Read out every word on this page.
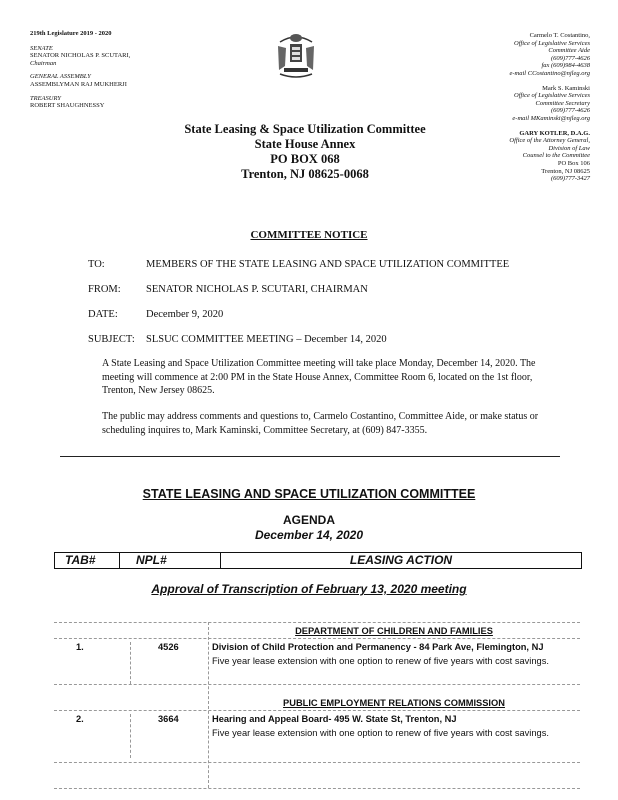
219th Legislature 2019 - 2020
SENATE
SENATOR NICHOLAS P. SCUTARI, Chairman
GENERAL ASSEMBLY
ASSEMBLYMAN RAJ MUKHERJI
TREASURY
ROBERT SHAUGHNESSY
Carmelo T. Costantino,
Office of Legislative Services
Committee Aide
(609)777-4626
fax (609)984-4638
e-mail CCostantino@njleg.org
Mark S. Kaminski
Office of Legislative Services
Committee Secretary
(609)777-4626
e-mail MKaminski@njleg.org
GARY KOTLER, D.A.G.
Office of the Attorney General,
Division of Law
Counsel to the Committee
PO Box 106
Trenton, NJ 08625
(609)777-3427
State Leasing & Space Utilization Committee
State House Annex
PO BOX 068
Trenton, NJ 08625-0068
COMMITTEE NOTICE
TO:	MEMBERS OF THE STATE LEASING AND SPACE UTILIZATION COMMITTEE
FROM:	SENATOR NICHOLAS P. SCUTARI, CHAIRMAN
DATE:	December 9, 2020
SUBJECT:	SLSUC COMMITTEE MEETING – December 14, 2020
A State Leasing and Space Utilization Committee meeting will take place Monday, December 14, 2020. The meeting will commence at 2:00 PM in the State House Annex, Committee Room 6, located on the 1st floor, Trenton, New Jersey 08625.
The public may address comments and questions to, Carmelo Costantino, Committee Aide, or make status or scheduling inquires to, Mark Kaminski, Committee Secretary, at (609) 847-3355.
STATE LEASING AND SPACE UTILIZATION COMMITTEE
AGENDA
December 14, 2020
TAB#	NPL#	LEASING ACTION
Approval of Transcription of February 13, 2020 meeting
DEPARTMENT OF CHILDREN AND FAMILIES
1.	4526	Division of Child Protection and Permanency - 84 Park Ave, Flemington, NJ
Five year lease extension with one option to renew of five years with cost savings.
PUBLIC EMPLOYMENT RELATIONS COMMISSION
2.	3664	Hearing and Appeal Board- 495 W. State St, Trenton, NJ
Five year lease extension with one option to renew of five years with cost savings.
